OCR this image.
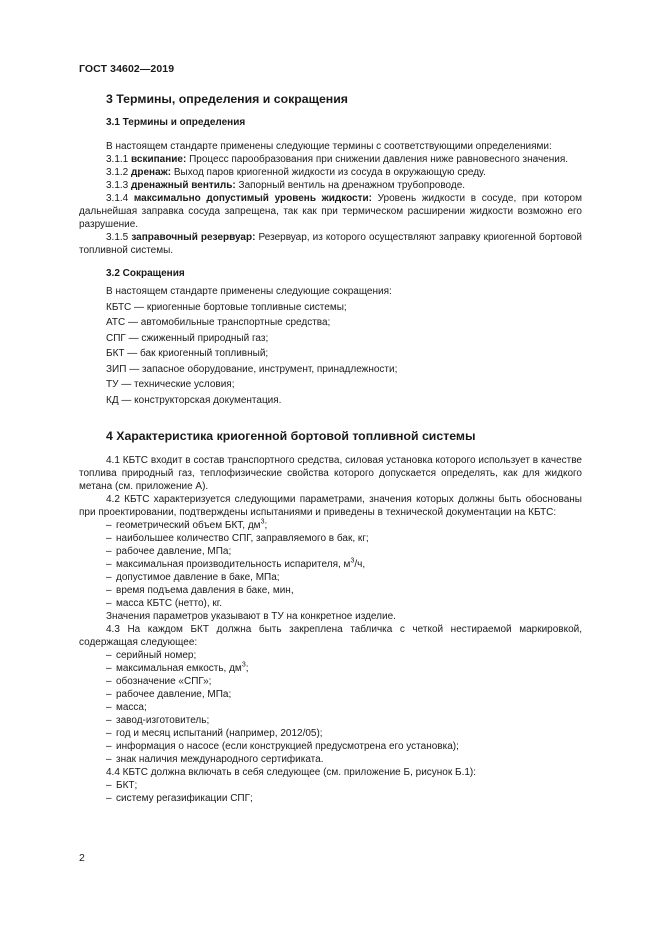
ГОСТ 34602—2019
3 Термины, определения и сокращения
3.1 Термины и определения

В настоящем стандарте применены следующие термины с соответствующими определениями:

3.1.1 вскипание: Процесс парообразования при снижении давления ниже равновесного значения.

3.1.2 дренаж: Выход паров криогенной жидкости из сосуда в окружающую среду.

3.1.3 дренажный вентиль: Запорный вентиль на дренажном трубопроводе.

3.1.4 максимально допустимый уровень жидкости: Уровень жидкости в сосуде, при котором дальнейшая заправка сосуда запрещена, так как при термическом расширении жидкости возможно его разрушение.

3.1.5 заправочный резервуар: Резервуар, из которого осуществляют заправку криогенной бортовой топливной системы.

3.2 Сокращения

В настоящем стандарте применены следующие сокращения:

КБТС — криогенные бортовые топливные системы;

АТС — автомобильные транспортные средства;

СПГ — сжиженный природный газ;

БКТ — бак криогенный топливный;

ЗИП — запасное оборудование, инструмент, принадлежности;

ТУ — технические условия;

КД — конструкторская документация.

4 Характеристика криогенной бортовой топливной системы

4.1 КБТС входит в состав транспортного средства, силовая установка которого использует в качестве топлива природный газ, теплофизические свойства которого допускается определять, как для жидкого метана (см. приложение А).

4.2 КБТС характеризуется следующими параметрами, значения которых должны быть обоснованы при проектировании, подтверждены испытаниями и приведены в технической документации на КБТС:

– геометрический объем БКТ, $дм^3$;

– наибольшее количество СПГ, заправляемого в бак, кг;

– рабочее давление, МПа;

– максимальная производительность испарителя, $м^3/ч$,

– допустимое давление в баке, МПа;

– время подъема давления в баке, мин,

– масса КБТС (нетто), кг.

Значения параметров указывают в ТУ на конкретное изделие.

4.3 На каждом БКТ должна быть закреплена табличка с четкой нестираемой маркировкой, содержащая следующее:

– серийный номер;

– максимальная емкость, $дм^3$;

– обозначение «СПГ»;

– рабочее давление, МПа;

– масса;

– завод-изготовитель;

– год и месяц испытаний (например, 2012/05);

– информация о насосе (если конструкцией предусмотрена его установка);

– знак наличия международного сертификата.

4.4 КБТС должна включать в себя следующее (см. приложение Б, рисунок Б.1):

– БКТ;

– систему регазификации СПГ;

2
